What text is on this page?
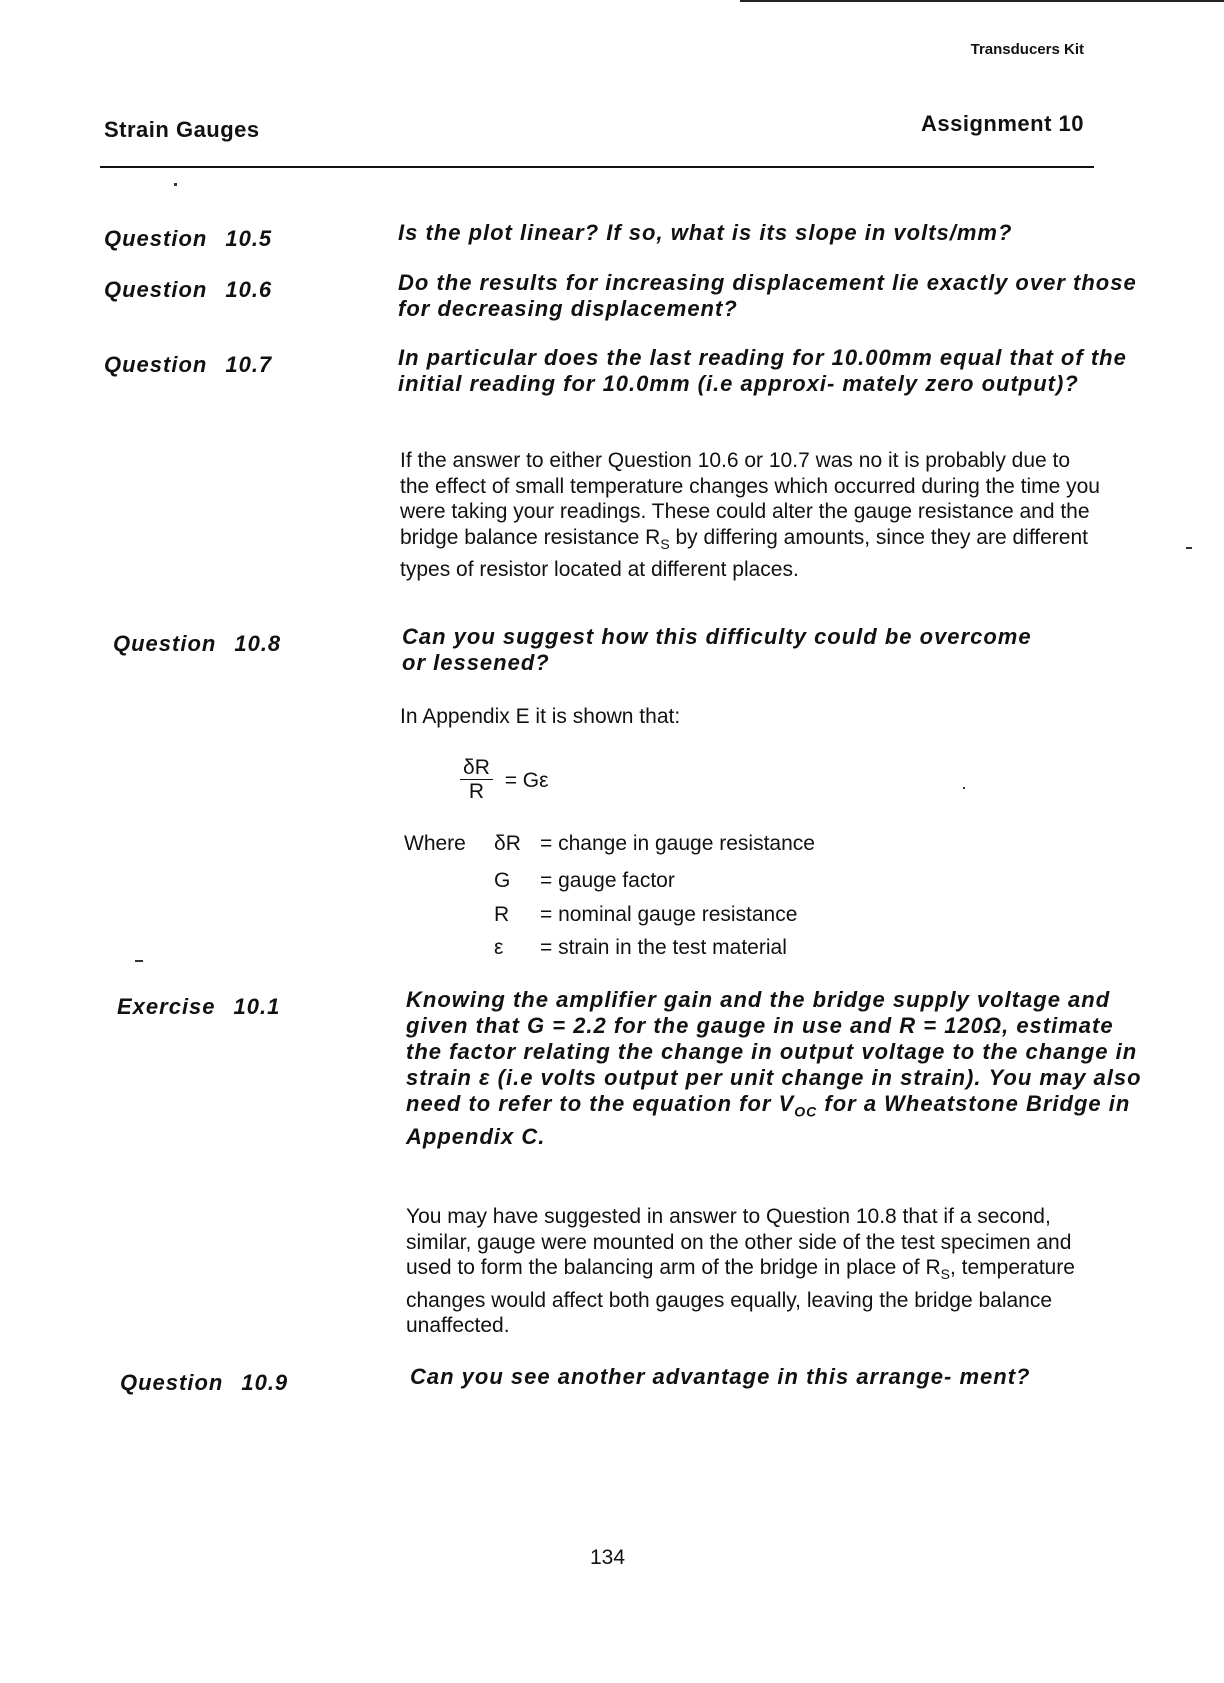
Transducers Kit
Strain Gauges	Assignment 10
Question 10.5	Is the plot linear? If so, what is its slope in volts/mm?
Question 10.6	Do the results for increasing displacement lie exactly over those for decreasing displacement?
Question 10.7	In particular does the last reading for 10.00mm equal that of the initial reading for 10.0mm (i.e approxi- mately zero output)?
If the answer to either Question 10.6 or 10.7 was no it is probably due to the effect of small temperature changes which occurred during the time you were taking your readings. These could alter the gauge resistance and the bridge balance resistance $R_S$ by differing amounts, since they are different types of resistor located at different places.
Question 10.8	Can you suggest how this difficulty could be overcome or lessened?
In Appendix E it is shown that:
$\frac{\delta R}{R} = G\varepsilon$
Where δR = change in gauge resistance
G = gauge factor
R = nominal gauge resistance
ε = strain in the test material
Exercise 10.1	Knowing the amplifier gain and the bridge supply voltage and given that G = 2.2 for the gauge in use and R = 120Ω, estimate the factor relating the change in output voltage to the change in strain ε (i.e volts output per unit change in strain). You may also need to refer to the equation for $V_{OC}$ for a Wheatstone Bridge in Appendix C.
You may have suggested in answer to Question 10.8 that if a second, similar, gauge were mounted on the other side of the test specimen and used to form the balancing arm of the bridge in place of $R_S$, temperature changes would affect both gauges equally, leaving the bridge balance unaffected.
Question 10.9	Can you see another advantage in this arrange- ment?
134
